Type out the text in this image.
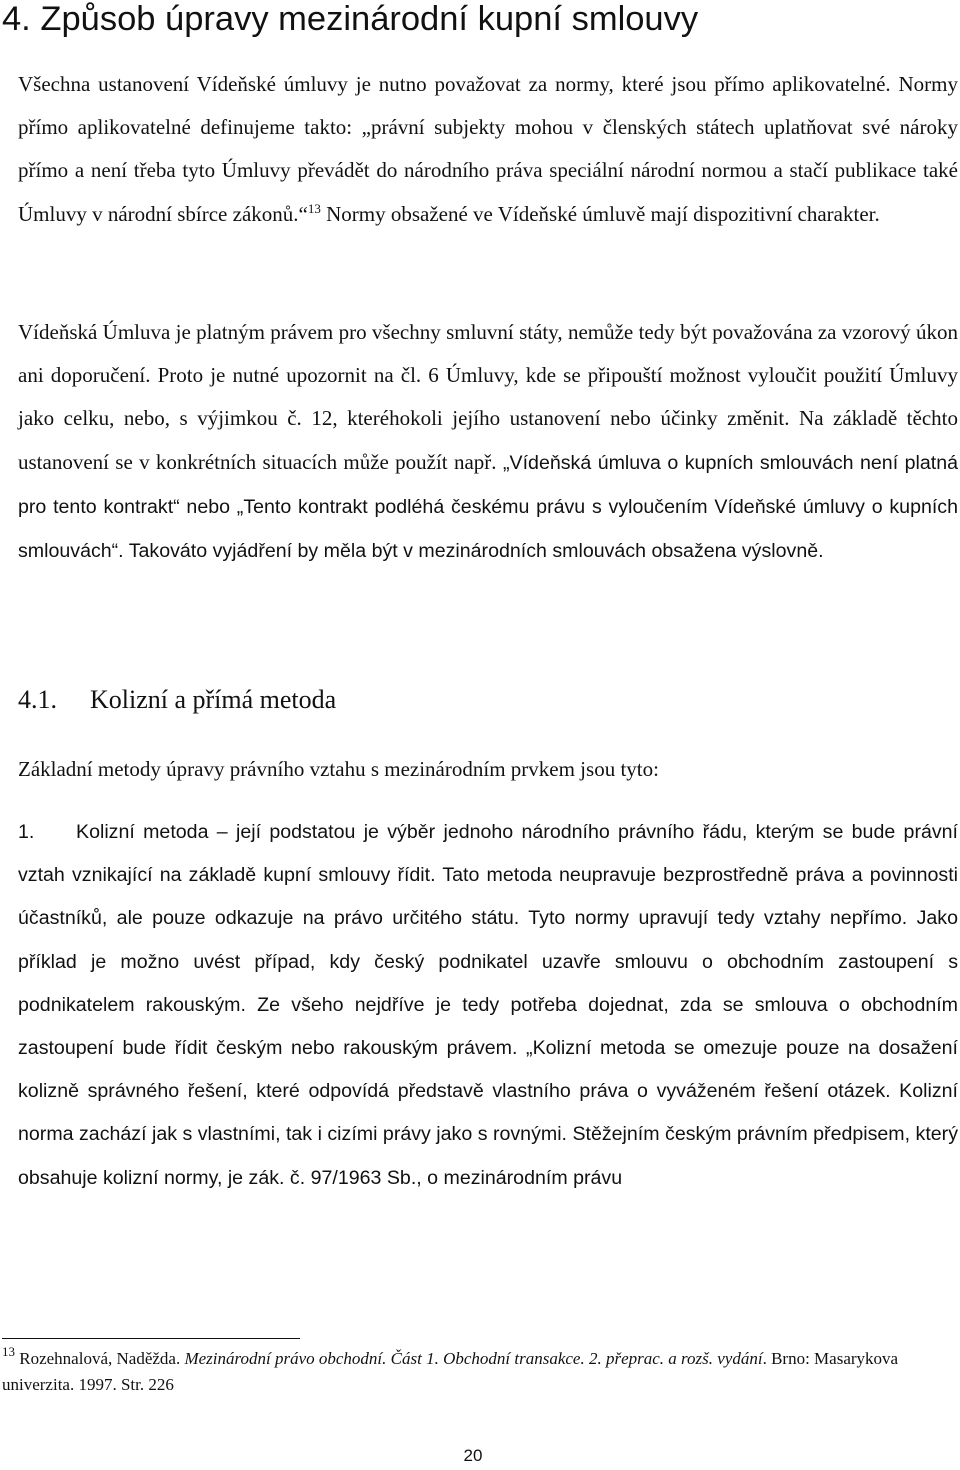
4. Způsob úpravy mezinárodní kupní smlouvy

Všechna ustanovení Vídeňské úmluvy je nutno považovat za normy, které jsou přímo aplikovatelné. Normy přímo aplikovatelné definujeme takto: „právní subjekty mohou v členských státech uplatňovat své nároky přímo a není třeba tyto Úmluvy převádět do národního práva speciální národní normou a stačí publikace také Úmluvy v národní sbírce zákonů.“$^{13}$ Normy obsažené ve Vídeňské úmluvě mají dispozitivní charakter.

Vídeňská Úmluva je platným právem pro všechny smluvní státy, nemůže tedy být považována za vzorový úkon ani doporučení. Proto je nutné upozornit na čl. 6 Úmluvy, kde se připouští možnost vyloučit použití Úmluvy jako celku, nebo, s výjimkou č. 12, kteréhokoli jejího ustanovení nebo účinky změnit. Na základě těchto ustanovení se v konkrétních situacích může použít např. „Vídeňská úmluva o kupních smlouvách není platná pro tento kontrakt“ nebo „Tento kontrakt podléhá českému právu s vyloučením Vídeňské úmluvy o kupních smlouvách“. Takováto vyjádření by měla být v mezinárodních smlouvách obsažena výslovně.

4.1. Kolizní a přímá metoda

Základní metody úpravy právního vztahu s mezinárodním prvkem jsou tyto:

1. Kolizní metoda – její podstatou je výběr jednoho národního právního řádu, kterým se bude právní vztah vznikající na základě kupní smlouvy řídit. Tato metoda neupravuje bezprostředně práva a povinnosti účastníků, ale pouze odkazuje na právo určitého státu. Tyto normy upravují tedy vztahy nepřímo. Jako příklad je možno uvést případ, kdy český podnikatel uzavře smlouvu o obchodním zastoupení s podnikatelem rakouským. Ze všeho nejdříve je tedy potřeba dojednat, zda se smlouva o obchodním zastoupení bude řídit českým nebo rakouským právem. „Kolizní metoda se omezuje pouze na dosažení kolizně správného řešení, které odpovídá představě vlastního práva o vyváženém řešení otázek. Kolizní norma zachází jak s vlastními, tak i cizími právy jako s rovnými. Stěžejním českým právním předpisem, který obsahuje kolizní normy, je zák. č. 97/1963 Sb., o mezinárodním právu

$^{13}$ Rozehnalová, Naděžda. Mezinárodní právo obchodní. Část 1. Obchodní transakce. 2. přeprac. a rozš. vydání. Brno: Masarykova univerzita. 1997. Str. 226

20
